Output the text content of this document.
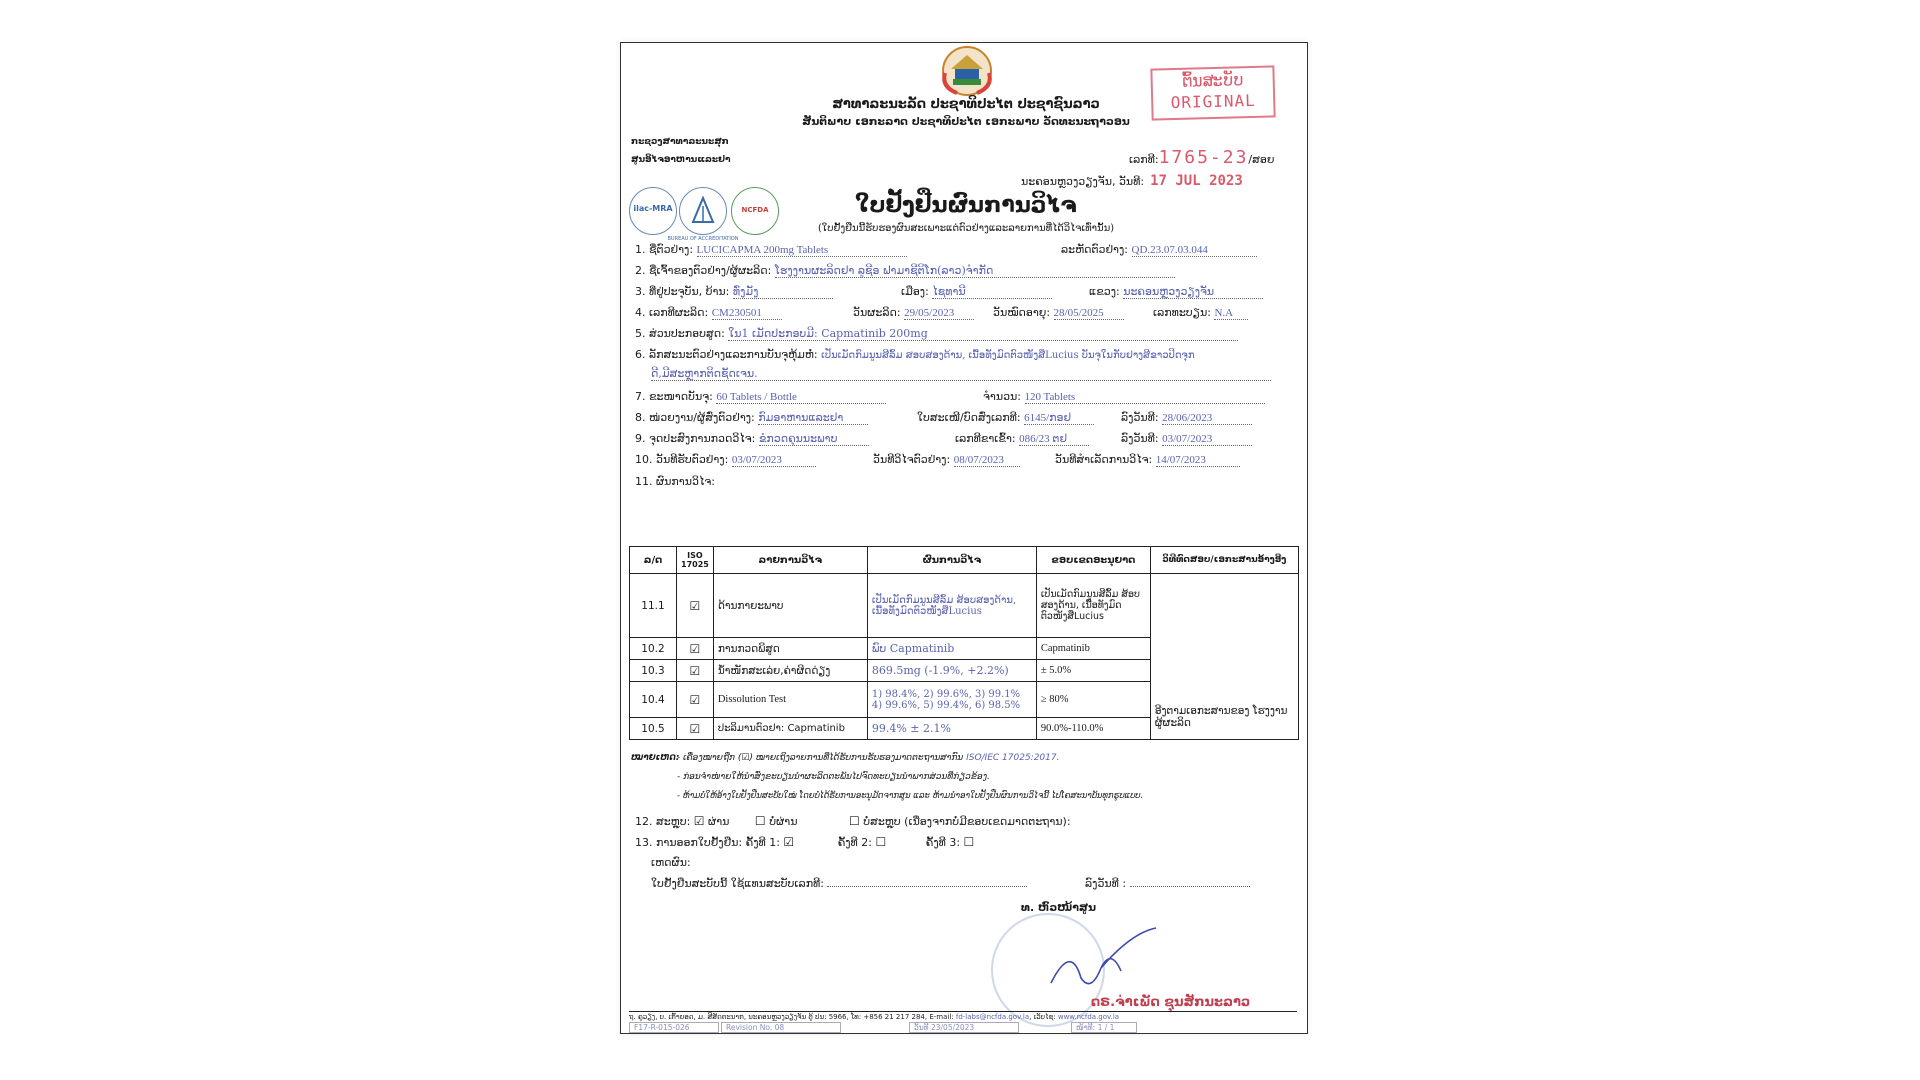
ສາທາລະນະລັດ ປະຊາທິປະໄຕ ປະຊາຊົນລາວ
ສັນຕິພາບ ເອກະລາດ ປະຊາທິປະໄຕ ເອກະພາບ ວັດທະນະຖາວອນ
ຕົ້ນສະບັບ
ORIGINAL
ກະຊວງສາທາລະນະສຸກ
ສູນອິໄຈອາຫານແລະຢາ	ເລກທີ:1765-23/ສອຍ
ນະຄອນຫຼວງວຽງຈັນ, ວັນທີ: 17 JUL 2023
ilac-MRA
BUREAU OF ACCREDITATION
NCFDA	ໃບຢັ້ງຢືນຜົນການວິໄຈ
(ໃບຢັ້ງຢືນນີ້ຮັບຮອງຜົນສະເພາະແຕ່ຕົວຢ່າງແລະລາຍການທີ່ໄດ້ວິໄຈເທົ່ານັ້ນ)
1. ຊື່ຕົວຢ່າງ: LUCICAPMA 200mg Tablets	ລະຫັດຕົວຢ່າງ: QD.23.07.03.044
2. ຊື່ເຈົ້າຂອງຕົວຢ່າງ/ຜູ້ຜະລິດ: ໂຮງງານຜະລິດຢາ ລູຊີອ ຟາມາຊີຕິໂກ(ລາວ)ຈຳກັດ
3. ທີ່ຢູ່ປະຈຸບັນ, ບ້ານ: ທົ່ງມັງ	ເມືອງ: ໄຊທານີ	ແຂວງ: ນະຄອນຫຼວງວຽງຈັນ
4. ເລກທີຜະລິດ: CM230501	ວັນຜະລິດ: 29/05/2023	ວັນໝົດອາຍຸ: 28/05/2025	ເລກທະບຽນ: N.A
5. ສ່ວນປະກອບສູດ: ໃນ1 ເມັດປະກອບມີ: Capmatinib 200mg
6. ລັກສະນະຕົວຢ່າງແລະການບັນຈຸຫຸ້ມຫໍ່: ເປັນເມັດກົມນູນສີລົ້ມ ສອບສອງດ້ານ, ເນື້ອທັງມົດຕົວໜັງສືLucius ບັນຈຸໃນກັບຢາງສີຂາວປິດຈຸກ
ດີ,ມີສະຫຼາກຕິດຊັດເຈນ.
7. ຂະໜາດບັນຈຸ: 60 Tablets / Bottle	ຈຳນວນ: 120 Tablets
8. ໜ່ວຍງານ/ຜູ້ສົ່ງຕົວຢ່າງ: ກົມອາຫານແລະຢາ	ໃບສະເໜີ/ບົດສົ່ງເລກທີ: 6145/ກອຢ	ລົງວັນທີ: 28/06/2023
9. ຈຸດປະສົງການກວດວິໄຈ: ຂໍກວດຄຸນນະພາບ	ເລກທີຂາເຂົ້າ: 086/23 ຕຢ	ລົງວັນທີ: 03/07/2023
10. ວັນທີຮັບຕົວຢ່າງ: 03/07/2023	ວັນທີວິໄຈຕົວຢ່າງ: 08/07/2023	ວັນທີສຳເລັດການວິໄຈ: 14/07/2023
11. ຜົນການວິໄຈ:
ລ/ດ	ISO 17025	ລາຍການວິໄຈ	ຜົນການວິໄຈ	ຂອບເຂດອະນຸຍາດ	ວິທີທົດສອບ/ເອກະສານອ້າງອີງ
11.1	☑	ດ້ານກາຍະພາບ	ເປັນເມັດກົມນູນສີລົ້ມ ສ້ອບສອງດ້ານ, ເນື້ອທັງມົດຕົວໜັງສືLucius	ເປັນເມັດກົມນູນສີລົ້ມ ສ້ອບສອງດ້ານ, ເນື້ອທັງມົດຕົວໜັງສືLucius	ອີງຕາມເອກະສານຂອງ ໂຮງງານຜູ້ຜະລິດ
10.2	☑	ການກວດພິສູດ	ພົບ Capmatinib	Capmatinib	
10.3	☑	ນ້ຳໜັກສະເລ່ຍ,ຄ່າຜິດດ່ຽງ	869.5mg (-1.9%, +2.2%)	± 5.0%	
10.4	☑	Dissolution Test	1) 98.4%, 2) 99.6%, 3) 99.1%
4) 99.6%, 5) 99.4%, 6) 98.5%	≥ 80%	
10.5	☑	ປະລິມານຕົວຢາ: Capmatinib	99.4% ± 2.1%	90.0%-110.0%	
ໝາຍເຫດ:
- ເຄື່ອງໝາຍຖືກ (☑) ໝາຍເຖິງລາຍການທີ່ໄດ້ຮັບການຮັບຮອງມາດຕະຖານສາກົນ ISO/IEC 17025:2017.
- ກ່ອນຈຳໜ່າຍໃຫ້ນຳສົ່ງຂະບຽນນຳຜະລິດຕະພັນໄປຈົດທະບຽນນຳພາກສ່ວນທີ່ກ່ຽວຂ້ອງ.
- ຫ້າມບໍ່ໃຫ້ອ້າງໃບຢັ້ງຢືນສະບັບໃໝ່ ໂດຍບໍ່ໄດ້ຮັບການອະນຸມັດຈາກສູນ ແລະ ຫ້າມນຳອາໃບຢັ້ງຢືນຜົນການວິໄຈນີ້ ໄປໂຄສະນາບັນທຸກຮູບແບບ.
12. ສະຫຼຸບ: ☑ ຜ່ານ ☐ ບໍ່ຜ່ານ	☐ ບໍ່ສະຫຼຸບ (ເນື່ອງຈາກບໍ່ມີຂອບເຂດມາດຕະຖານ):
13. ການອອກໃບຢັ້ງຢືນ: ຄັ້ງທີ 1: ☑	ຄັ້ງທີ 2: ☐	ຄັ້ງທີ 3: ☐
ເຫດຜົນ:
ໃບຢັ້ງຢືນສະບັບນີ້ ໃຊ້ແທນສະບັບເລກທີ:	ລົງວັນທີ :
ທ. ຫົວໜ້າສູນ
ດຣ.ຈ່າເພັດ ຊຸນສັກນະລາວ
ຖ. ຄູວຽງ, ບ. ເກົ້າຍອດ, ມ. ສີສັດຕະນາກ, ນະຄອນຫຼວງວຽງຈັນ ຕູ້ ປນ: 5966, ໂທ: +856 21 217 284, E-mail: fd-labs@ncfda.gov.la, ເວັບໄຊ: www.ncfda.gov.la
F17-R-015-026	Revision No. 08	ວັນທີ 23/05/2023	ໜ້າທີ: 1 / 1
